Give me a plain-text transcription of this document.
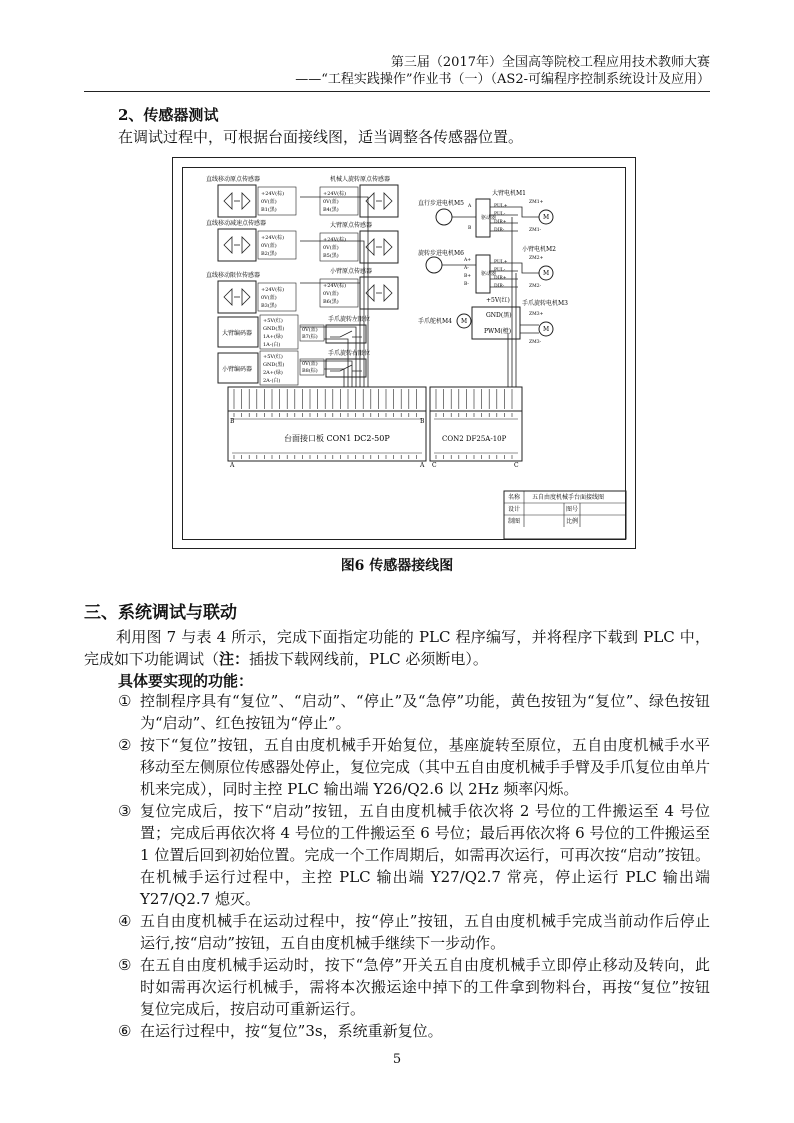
第三届（2017年）全国高等院校工程应用技术教师大赛
——“工程实践操作”作业书（一）（AS2-可编程序控制系统设计及应用）
2、传感器测试
在调试过程中，可根据台面接线图，适当调整各传感器位置。
直线移动原点传感器
+24V(棕)
0V(蓝)
B1(黑)
直线移动减速点传感器
+24V(棕)
0V(蓝)
B2(黑)
直线移动限位传感器
+24V(棕)
0V(蓝)
B3(黑)
机械人旋转原点传感器
+24V(棕)
0V(蓝)
B4(黑)
大臂原点传感器
+24V(棕)
0V(蓝)
B5(黑)
小臂原点传感器
+24V(棕)
0V(蓝)
B6(黑)
大臂编码器
+5V(红)
GND(黑)
1A+(绿)
1A-(白)
小臂编码器
+5V(红)
GND(黑)
2A+(绿)
2A-(白)
手爪旋转左限位
0V(蓝)
B7(棕)
手爪旋转右限位
0V(蓝)
B8(棕)
直行步进电机M5
旋转步进电机M6
大臂电机M1
M
小臂电机M2
M
手爪旋转电机M3
M
手爪舵机M4 M
+5V(红)
GND(黑)
PWM(橙)
驱动器
驱动器
PUL+
PUL-
DIR+
DIR-
PUL+
PUL-
DIR+
DIR-
A
B
A+
A-
B+
B-
ZM1+
ZM1-
ZM2+
ZM2-
ZM3+
ZM3-
台面接口板 CON1 DC2-50P	CON2 DF25A-10P
B
A
B
A C	C
名称 五自由度机械手台面接线图
设计	图号
制图	比例
图6 传感器接线图
三、系统调试与联动
利用图 7 与表 4 所示，完成下面指定功能的 PLC 程序编写，并将程序下载到 PLC 中，完成如下功能调试（注：插拔下载网线前，PLC 必须断电）。
具体要实现的功能：
① 控制程序具有“复位”、“启动”、“停止”及“急停”功能，黄色按钮为“复位”、绿色按钮为“启动”、红色按钮为“停止”。
② 按下“复位”按钮，五自由度机械手开始复位，基座旋转至原位，五自由度机械手水平移动至左侧原位传感器处停止，复位完成（其中五自由度机械手手臂及手爪复位由单片机来完成），同时主控 PLC 输出端 Y26/Q2.6 以 2Hz 频率闪烁。
③ 复位完成后，按下“启动”按钮，五自由度机械手依次将 2 号位的工件搬运至 4 号位置；完成后再依次将 4 号位的工件搬运至 6 号位；最后再依次将 6 号位的工件搬运至 1 位置后回到初始位置。完成一个工作周期后，如需再次运行，可再次按“启动”按钮。在机械手运行过程中，主控 PLC 输出端 Y27/Q2.7 常亮，停止运行 PLC 输出端 Y27/Q2.7 熄灭。
④ 五自由度机械手在运动过程中，按“停止”按钮，五自由度机械手完成当前动作后停止运行,按“启动”按钮，五自由度机械手继续下一步动作。
⑤ 在五自由度机械手运动时，按下“急停”开关五自由度机械手立即停止移动及转向，此时如需再次运行机械手，需将本次搬运途中掉下的工件拿到物料台，再按“复位”按钮复位完成后，按启动可重新运行。
⑥ 在运行过程中，按“复位”3s，系统重新复位。
5
